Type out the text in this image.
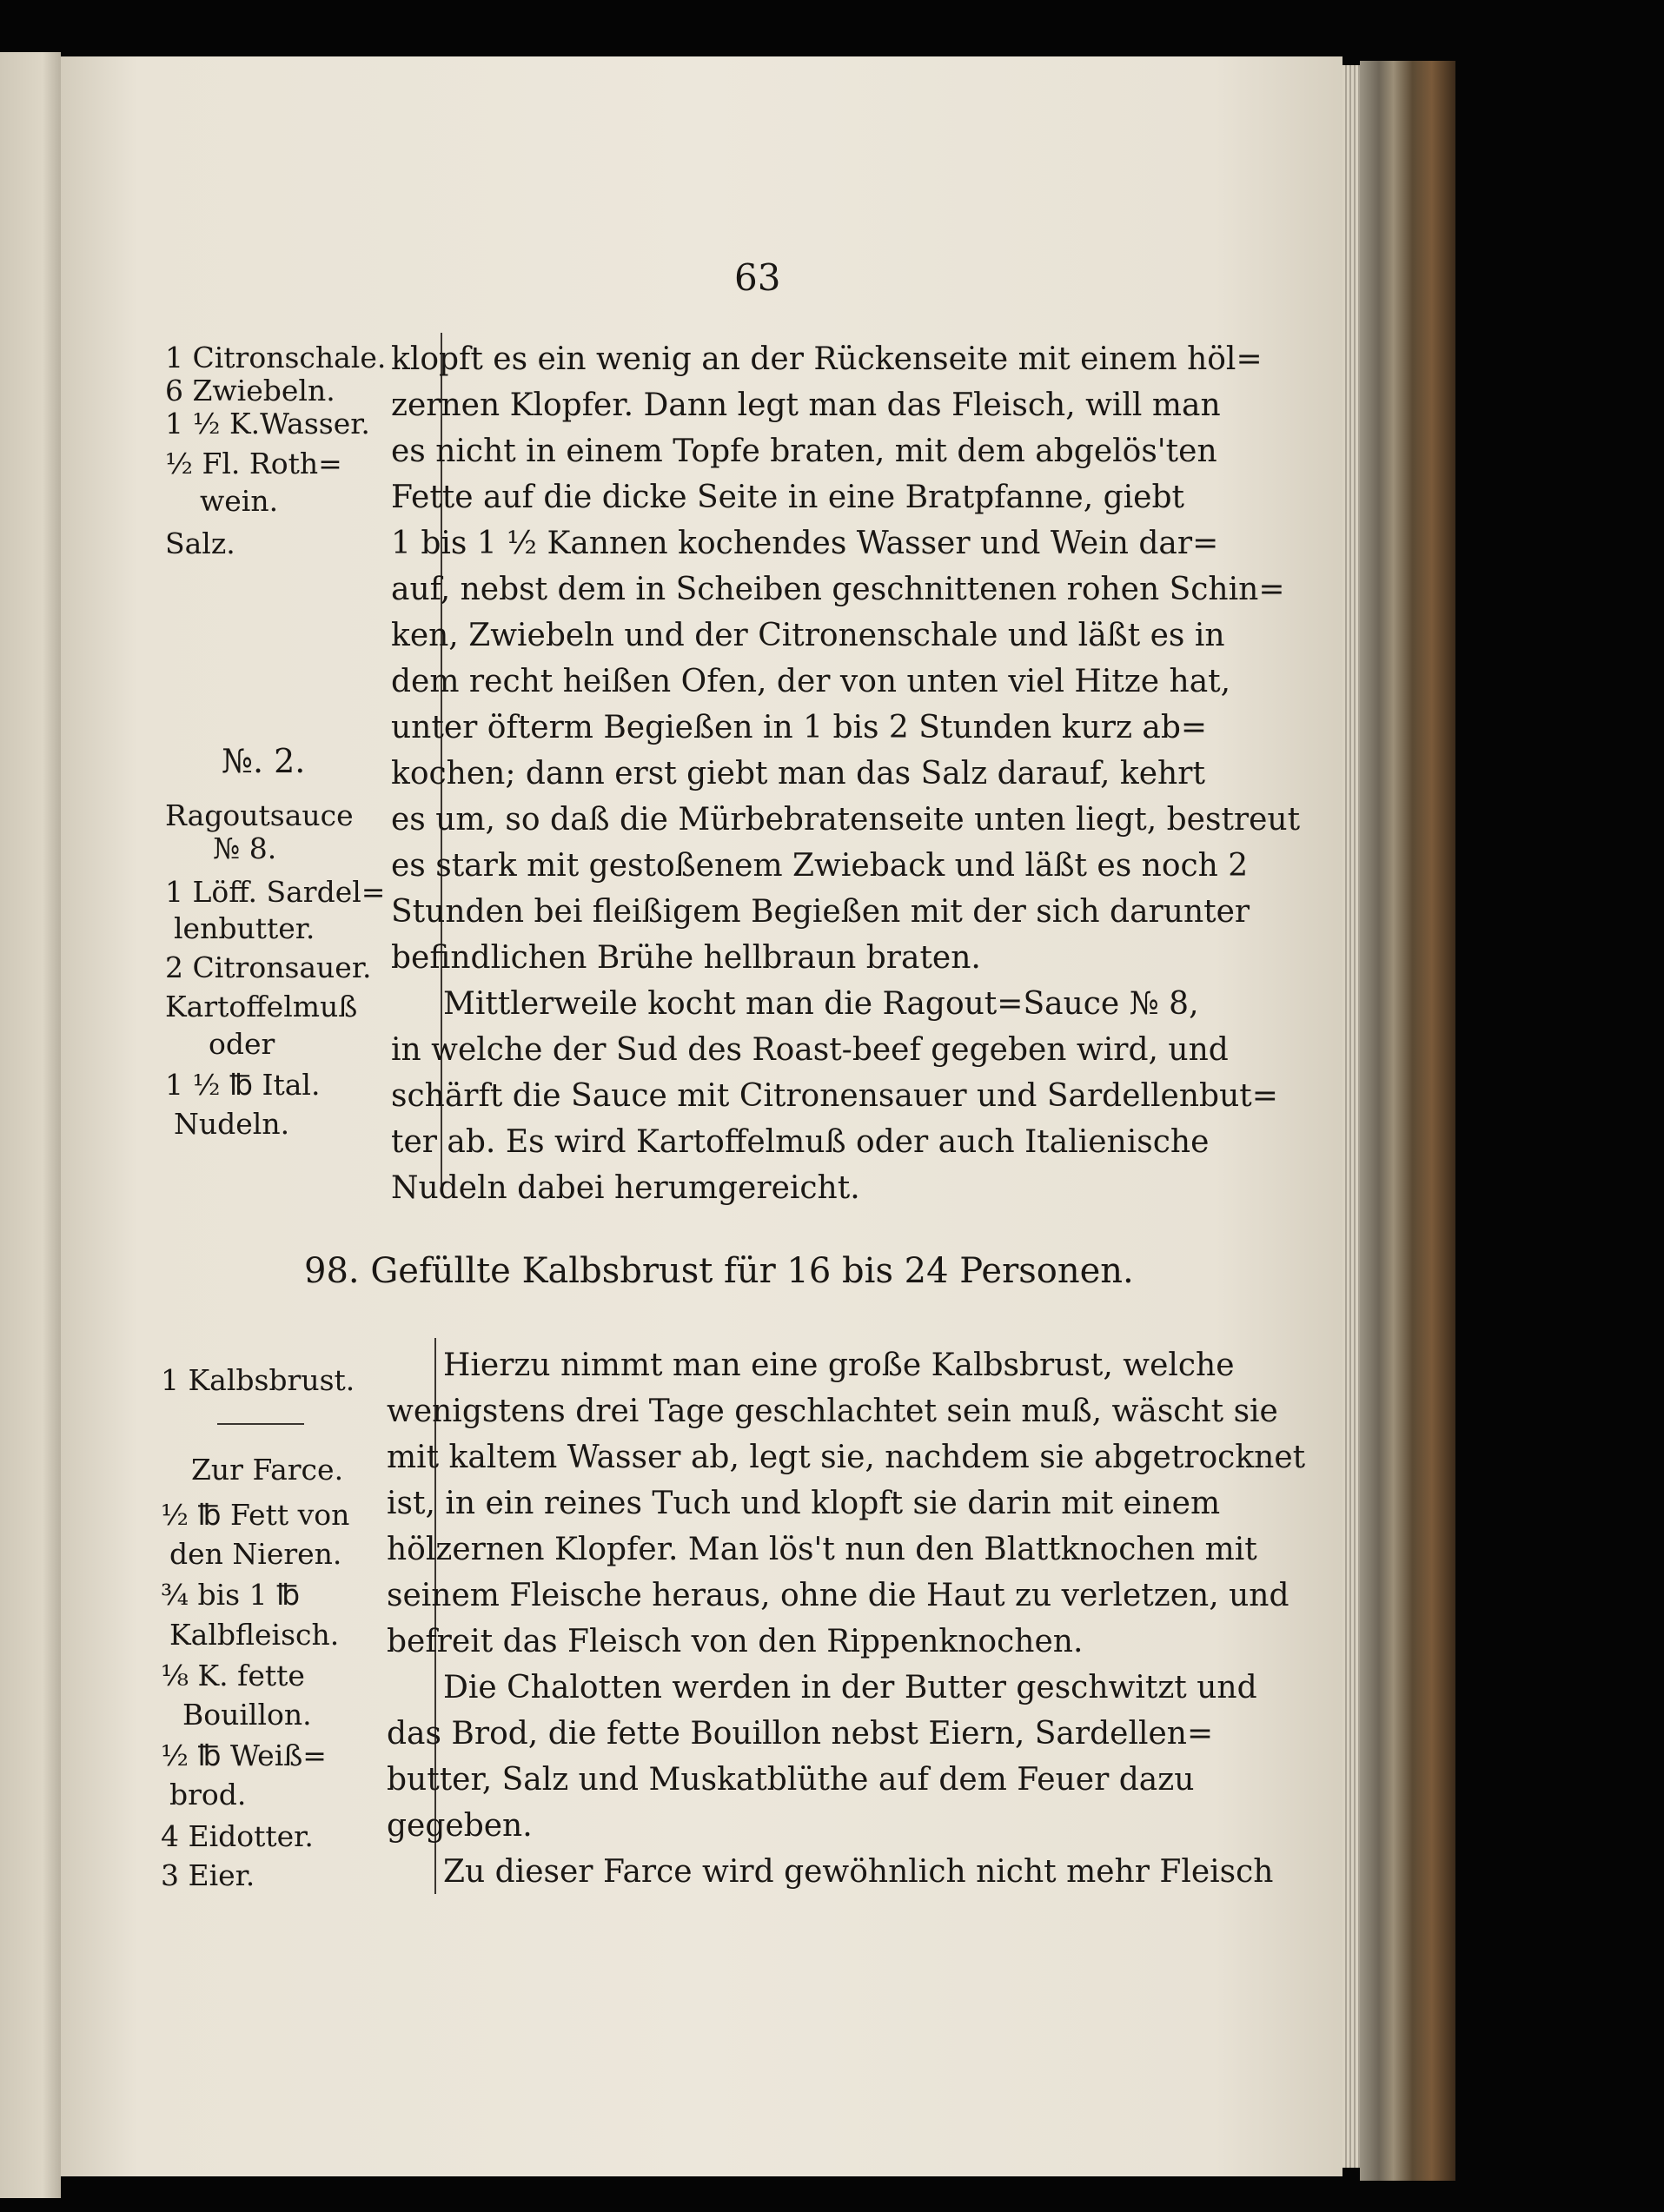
63
1 Citronschale.
6 Zwiebeln.
1 ½ K.Wasser.
½ Fl. Roth=
wein.
Salz.
№. 2.
Ragoutsauce
№ 8.
1 Löff. Sardel=
lenbutter.
2 Citronsauer.
Kartoffelmuß
oder
1 ½ ℔ Ital.
Nudeln.
klopft es ein wenig an der Rückenseite mit einem höl=
zernen Klopfer. Dann legt man das Fleisch, will man
es nicht in einem Topfe braten, mit dem abgelös'ten
Fette auf die dicke Seite in eine Bratpfanne, giebt
1 bis 1 ½ Kannen kochendes Wasser und Wein dar=
auf, nebst dem in Scheiben geschnittenen rohen Schin=
ken, Zwiebeln und der Citronenschale und läßt es in
dem recht heißen Ofen, der von unten viel Hitze hat,
unter öfterm Begießen in 1 bis 2 Stunden kurz ab=
kochen; dann erst giebt man das Salz darauf, kehrt
es um, so daß die Mürbebratenseite unten liegt, bestreut
es stark mit gestoßenem Zwieback und läßt es noch 2
Stunden bei fleißigem Begießen mit der sich darunter
befindlichen Brühe hellbraun braten.
Mittlerweile kocht man die Ragout=Sauce № 8,
in welche der Sud des Roast-beef gegeben wird, und
schärft die Sauce mit Citronensauer und Sardellenbut=
ter ab. Es wird Kartoffelmuß oder auch Italienische
Nudeln dabei herumgereicht.
98. Gefüllte Kalbsbrust für 16 bis 24 Personen.
1 Kalbsbrust.
Zur Farce.
½ ℔ Fett von
den Nieren.
¾ bis 1 ℔
Kalbfleisch.
⅛ K. fette
Bouillon.
½ ℔ Weiß=
brod.
4 Eidotter.
3 Eier.
Hierzu nimmt man eine große Kalbsbrust, welche
wenigstens drei Tage geschlachtet sein muß, wäscht sie
mit kaltem Wasser ab, legt sie, nachdem sie abgetrocknet
ist, in ein reines Tuch und klopft sie darin mit einem
hölzernen Klopfer. Man lös't nun den Blattknochen mit
seinem Fleische heraus, ohne die Haut zu verletzen, und
befreit das Fleisch von den Rippenknochen.
Die Chalotten werden in der Butter geschwitzt und
das Brod, die fette Bouillon nebst Eiern, Sardellen=
butter, Salz und Muskatblüthe auf dem Feuer dazu
gegeben.
Zu dieser Farce wird gewöhnlich nicht mehr Fleisch
